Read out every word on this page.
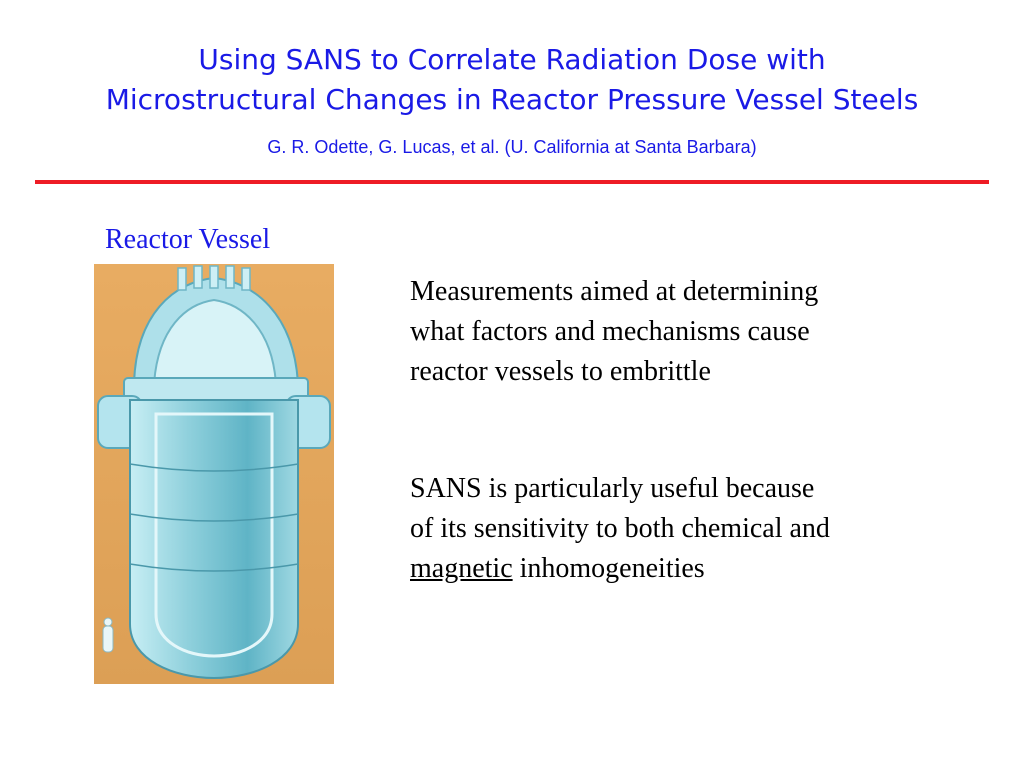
Using SANS to Correlate Radiation Dose with
Microstructural Changes in Reactor Pressure Vessel Steels
G. R. Odette, G. Lucas, et al. (U. California at Santa Barbara)
Reactor Vessel

Measurements aimed at determining
what factors and mechanisms cause
reactor vessels to embrittle

SANS is particularly useful because
of its sensitivity to both chemical and
magnetic inhomogeneities
